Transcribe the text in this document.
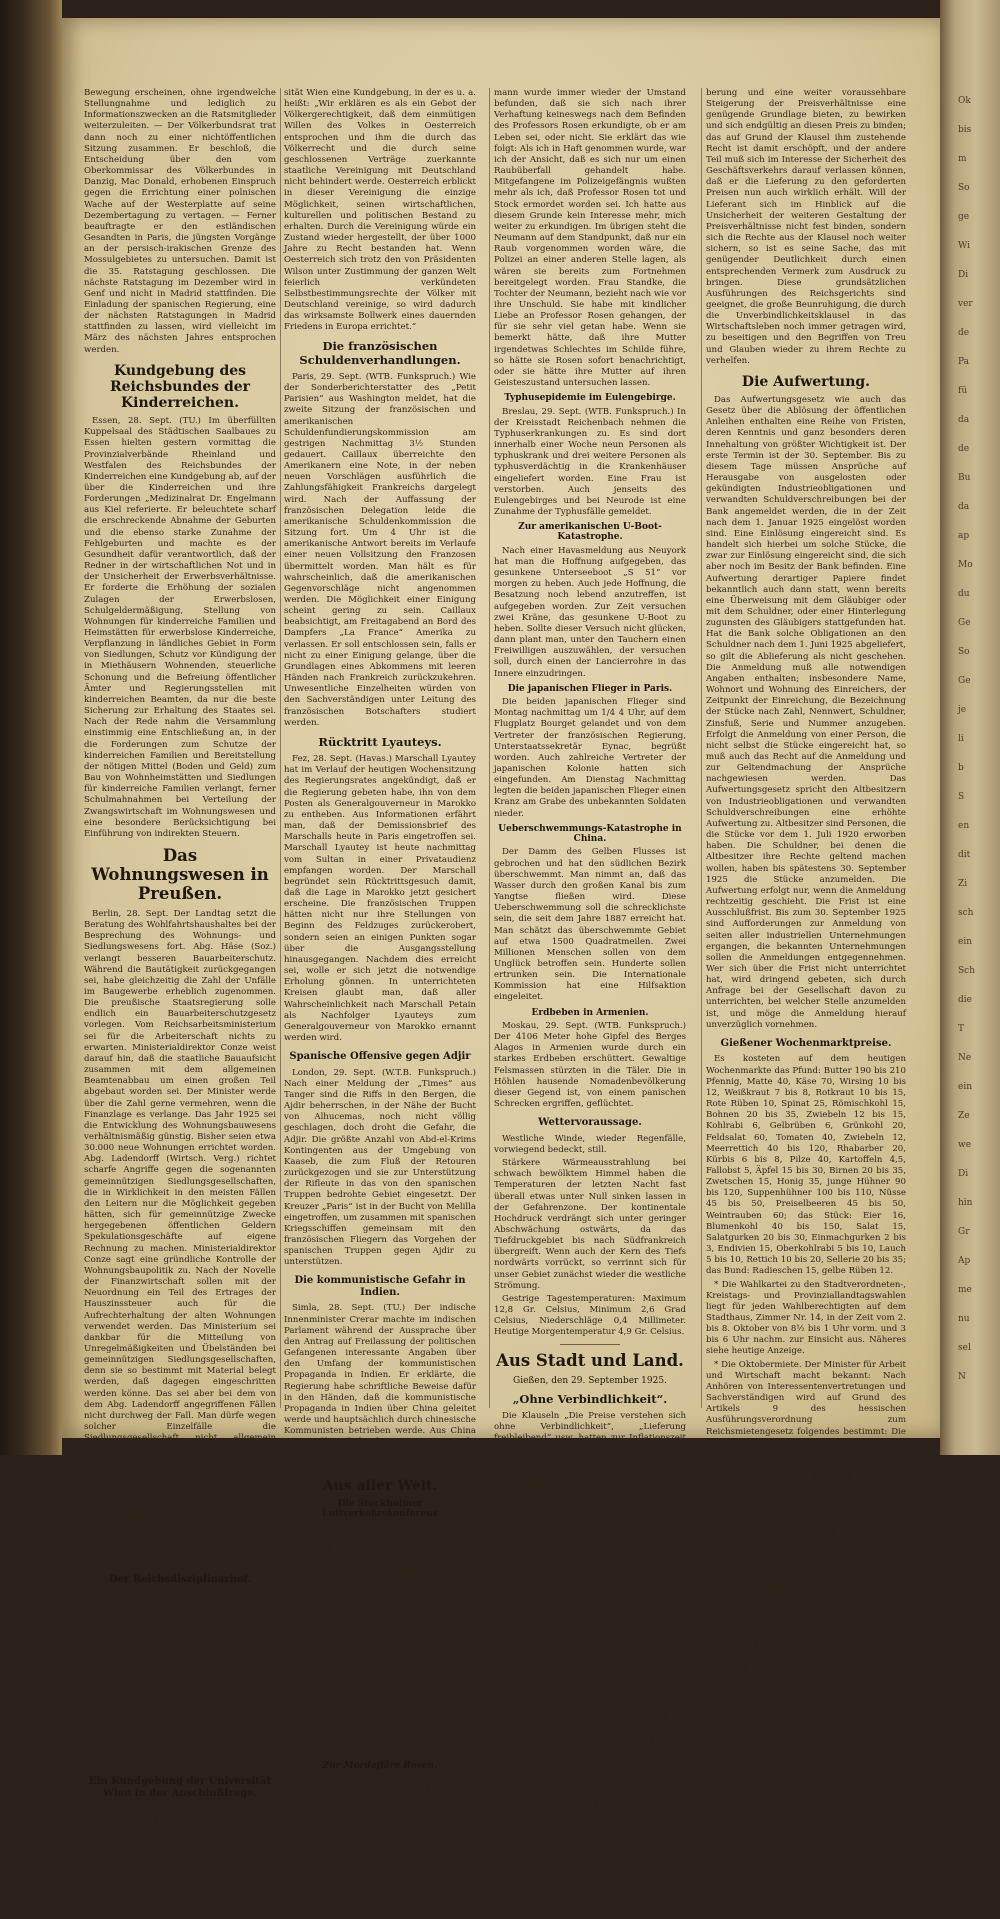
Bewegung erscheinen, ohne irgendwelche Stellungnahme und lediglich zu Informationszwecken an die Ratsmitglieder weiterzuleiten. — Der Völkerbundsrat trat dann noch zu einer nichtöffentlichen Sitzung zusammen. Er beschloß, die Entscheidung über den vom Oberkommissar des Völkerbundes in Danzig, Mac Donald, erhobenen Einspruch gegen die Errichtung einer polnischen Wache auf der Westerplatte auf seine Dezembertagung zu vertagen. — Ferner beauftragte er den estländischen Gesandten in Paris, die jüngsten Vorgänge an der persisch-irakischen Grenze des Mossulgebietes zu untersuchen. Damit ist die 35. Ratstagung geschlossen. Die nächste Ratstagung im Dezember wird in Genf und nicht in Madrid stattfinden. Die Einladung der spanischen Regierung, eine der nächsten Ratstagungen in Madrid stattfinden zu lassen, wird vielleicht im März des nächsten Jahres entsprochen werden.

Kundgebung des Reichsbundes der Kinderreichen.

Essen, 28. Sept. (TU.) Im überfüllten Kuppelsaal des Städtischen Saalbaues zu Essen hielten gestern vormittag die Provinzialverbände Rheinland und Westfalen des Reichsbundes der Kinderreichen eine Kundgebung ab, auf der über die Kinderreichen und ihre Forderungen „Medizinalrat Dr. Engelmann aus Kiel referierte. Er beleuchtete scharf die erschreckende Abnahme der Geburten und die ebenso starke Zunahme der Fehlgeburten und machte es der Gesundheit dafür verantwortlich, daß der Redner in der wirtschaftlichen Not und in der Unsicherheit der Erwerbsverhältnisse. Er forderte die Erhöhung der sozialen Zulagen der Erwerbslosen, Schulgeldermäßigung, Stellung von Wohnungen für kinderreiche Familien und Heimstätten für erwerbslose Kinderreiche, Verpflanzung in ländliches Gebiet in Form von Siedlungen, Schutz vor Kündigung der in Miethäusern Wohnenden, steuerliche Schonung und die Befreiung öffentlicher Ämter und Regierungsstellen mit kinderreichen Beamten, da nur die beste Sicherung zur Erhaltung des Staates sei. Nach der Rede nahm die Versammlung einstimmig eine Entschließung an, in der die Forderungen zum Schutze der kinderreichen Familien und Bereitstellung der nötigen Mittel (Boden und Geld) zum Bau von Wohnheimstätten und Siedlungen für kinderreiche Familien verlangt, ferner Schulmahnahmen bei Verteilung der Zwangswirtschaft im Wohnungswesen und eine besondere Berücksichtigung bei Einführung von indirekten Steuern.

Das Wohnungswesen in Preußen.

Berlin, 28. Sept. Der Landtag setzt die Beratung des Wohlfahrtshaushaltes bei der Besprechung des Wohnungs- und Siedlungswesens fort. Abg. Häse (Soz.) verlangt besseren Bauarbeiterschutz. Während die Bautätigkeit zurückgegangen sei, habe gleichzeitig die Zahl der Unfälle im Baugewerbe erheblich zugenommen. Die preußische Staatsregierung solle endlich ein Bauarbeiterschutzgesetz vorlegen. Vom Reichsarbeitsministerium sei für die Arbeiterschaft nichts zu erwarten. Ministerialdirektor Conze weist darauf hin, daß die staatliche Bauaufsicht zusammen mit dem allgemeinen Beamtenabbau um einen großen Teil abgebaut worden sei. Der Minister werde über die Zahl gerne vermehren, wenn die Finanzlage es verlange. Das Jahr 1925 sei die Entwicklung des Wohnungsbauwesens verhältnismäßig günstig. Bisher seien etwa 30.000 neue Wohnungen errichtet worden. Abg. Ladendorff (Wirtsch. Verg.) richtet scharfe Angriffe gegen die sogenannten gemeinnützigen Siedlungsgesellschaften, die in Wirklichkeit in den meisten Fällen den Leitern nur die Möglichkeit gegeben hätten, sich für gemeinnützige Zwecke hergegebenen öffentlichen Geldern Spekulationsgeschäfte auf eigene Rechnung zu machen. Ministerialdirektor Conze sagt eine gründliche Kontrolle der Wohnungsbaupolitik zu. Nach der Novelle der Finanzwirtschaft sollen mit der Neuordnung ein Teil des Ertrages der Hauszinssteuer auch für die Aufrechterhaltung der alten Wohnungen verwendet werden. Das Ministerium sei dankbar für die Mitteilung von Unregelmäßigkeiten und Übelständen bei gemeinnützigen Siedlungsgesellschaften, denn sie so bestimmt mit Material belegt werden, daß dagegen eingeschritten werden könne. Das sei aber bei dem von dem Abg. Ladendorff angegriffenen Fällen nicht durchweg der Fall. Man dürfe wegen solcher Einzelfälle die Siedlungsgesellschaft nicht allgemein verdammen. Minister Hirtsiefer teilt mit, daß nach den neuesten Feststellungen die Hauszinssteuer im Jahre 1925 210 Millionen für die Kommunen und 150 bis 160 Millionen für den Staat gebracht hat. Daraus müsse natürlich die gemeinnützigen Wohnungen berücksichtigt werden, sofern sie auf sozialer Grundlage stehen. Damit schließt die allgemeine Aussprache über das Wohnungs- und Siedlungswesen.

Der Reichsdisziplinarhof.

Berlin, 28. Sept. (WTB.) Nach dem „Reichsanzeiger“ wurden zu Mitgliedern des Reichsdisziplinarhofes gewählt: Als Präsident des Reichsgerichts Simons, als stellvertretende Präsidenten Klöde und Mansfeld, als Mitglieder die Reichsgerichtsräte Zeiler, Warneyer, Ad. Mueller, Metz, sowie der bayerische Gesandte a. D. Preger, als stellvertretende Mitglieder der sächsische Gesandte Reichsminister a. D. Gradnauer, der hessische Gesandte Frhr. v. Biegeleben, der Hamburger Bürgermeister Petersen, der mecklenburg-schwerinsche Gesandte Tischbein und der braunschweigische Gesandte Boden.

Ein Kundgebung der Universität Wien in der Anschlußfrage.

Wien, 29. Sept. (WTB. Funkspruch.) In Ausführung des Beschlusses des im Juni in Wien abgehaltenen Hochschultages hielt die Univer-

sität Wien eine Kundgebung, in der es u. a. heißt: „Wir erklären es als ein Gebot der Völkergerechtigkeit, daß dem einmütigen Willen des Volkes in Oesterreich entsprochen und ihm die durch das Völkerrecht und die durch seine geschlossenen Verträge zuerkannte staatliche Vereinigung mit Deutschland nicht behindert werde. Oesterreich erblickt in dieser Vereinigung die einzige Möglichkeit, seinen wirtschaftlichen, kulturellen und politischen Bestand zu erhalten. Durch die Vereinigung würde ein Zustand wieder hergestellt, der über 1000 Jahre zu Recht bestanden hat. Wenn Oesterreich sich trotz den von Präsidenten Wilson unter Zustimmung der ganzen Welt feierlich verkündeten Selbstbestimmungsrechte der Völker mit Deutschland vereinige, so wird dadurch das wirksamste Bollwerk eines dauernden Friedens in Europa errichtet.“

Die französischen Schuldenverhandlungen.

Paris, 29. Sept. (WTB. Funkspruch.) Wie der Sonderberichterstatter des „Petit Parisien“ aus Washington meldet, hat die zweite Sitzung der französischen und amerikanischen Schuldenfundierungskommission am gestrigen Nachmittag 3½ Stunden gedauert. Caillaux überreichte den Amerikanern eine Note, in der neben neuen Vorschlägen ausführlich die Zahlungsfähigkeit Frankreichs dargelegt wird. Nach der Auffassung der französischen Delegation leide die amerikanische Schuldenkommission die Sitzung fort. Um 4 Uhr ist die amerikanische Antwort bereits im Verlaufe einer neuen Vollsitzung den Franzosen übermittelt worden. Man hält es für wahrscheinlich, daß die amerikanischen Gegenvorschläge nicht angenommen werden. Die Möglichkeit einer Einigung scheint gering zu sein. Caillaux beabsichtigt, am Freitagabend an Bord des Dampfers „La France“ Amerika zu verlassen. Er soll entschlossen sein, falls er nicht zu einer Einigung gelange, über die Grundlagen eines Abkommens mit leeren Händen nach Frankreich zurückzukehren. Unwesentliche Einzelheiten würden von den Sachverständigen unter Leitung des französischen Botschafters studiert werden.

Rücktritt Lyauteys.

Fez, 28. Sept. (Havas.) Marschall Lyautey hat im Verlauf der heutigen Wochensitzung des Regierungsrates angekündigt, daß er die Regierung gebeten habe, ihn von dem Posten als Generalgouverneur in Marokko zu entheben. Aus Informationen erfährt man, daß der Demissionsbrief des Marschalls heute in Paris eingetroffen sei. Marschall Lyautey ist heute nachmittag vom Sultan in einer Privataudienz empfangen worden. Der Marschall begründet sein Rücktrittsgesuch damit, daß die Lage in Marokko jetzt gesichert erscheine. Die französischen Truppen hätten nicht nur ihre Stellungen von Beginn des Feldzuges zurückerobert, sondern seien an einigen Punkten sogar über die Ausgangsstellung hinausgegangen. Nachdem dies erreicht sei, wolle er sich jetzt die notwendige Erholung gönnen. In unterrichteten Kreisen glaubt man, daß aller Wahrscheinlichkeit nach Marschall Petain als Nachfolger Lyauteys zum Generalgouverneur von Marokko ernannt werden wird.

Spanische Offensive gegen Adjir

London, 29. Sept. (W.T.B. Funkspruch.) Nach einer Meldung der „Times“ aus Tanger sind die Riffs in den Bergen, die Ajdir beherrschen, in der Nähe der Bucht von Alhucemas, noch nicht völlig geschlagen, doch droht die Gefahr, die Adjir. Die größte Anzahl von Abd-el-Krims Kontingenten aus der Umgebung von Kaaseb, die zum Fluß der Retouren zurückgezogen und sie zur Unterstützung der Rifleute in das von den spanischen Truppen bedrohte Gebiet eingesetzt. Der Kreuzer „Paris“ ist in der Bucht von Melilla eingetroffen, um zusammen mit spanischen Kriegsschiffen gemeinsam mit den französischen Fliegern das Vorgehen der spanischen Truppen gegen Ajdir zu unterstützen.

Die kommunistische Gefahr in Indien.

Simla, 28. Sept. (TU.) Der indische Innenminister Crerar machte im indischen Parlament während der Aussprache über den Antrag auf Freilassung der politischen Gefangenen interessante Angaben über den Umfang der kommunistischen Propaganda in Indien. Er erklärte, die Regierung habe schriftliche Beweise dafür in den Händen, daß die kommunistische Propaganda in Indien über China geleitet werde und hauptsächlich durch chinesische Kommunisten betrieben werde. Aus China seien während der letzten Monate große Mengen von Flugschriften und Waffen eingeführt worden.

Aus aller Welt.
Die Stockholmer Luftverkehrskonferenz

Die Internationale Luftverkehrskonferenz wurde heute im schwedischen Reichstag eröffnet. 14 Länder haben Vertreter entsandt. Unter den Anwesenden wurde auch der Generalsekretär der internationalen Luftschiffahrtskommission, M. Roper, bemerkt. Außenminister Unden betonte die Notwendigkeit einer Zusammenarbeit der Nationen auf dem Gebiete des Luftverkehrs. Zum Vorsitzenden der Konferenz wurde Generaldirektor Juhlin gewählt. Alsdann begannen die tatsächlichen Arbeiten mit einer Erörterung der Frage: Luftverkehr bei Nacht, bei Nebel und im Winter. Das zweite Diskussionsthema war die Frage der Maßnahmen zur Hebung der Regelmäßigkeit im Luftverkehr und der Sicherheit der Reisenden. Regierungsrat Fitch erörterte das Thema insbesondere vom meteorologischen Gesichtspunkte aus.

Zur Mordaffäre Rosen.

Breslau, 28. Sept. (TU.) Allgemeines Interesse dürfte die Aussage der Hausdame Neumann und ihrer Tochter, der Frau Standke, in der neuesten Ermittelungen in der Mordaffäre Rosen hervorrufen. Als Frau Neumann noch bei dem Kriminalkommissar Jerusalem von der Beschuldigung des Arbeiters Paaschuk Kenntnis erhielt, blieb sie vollständig ruhig und äußerte, sie wisse, daß man ihr durch solche Aussagen, und wenn sie es sich zum Nutzen fügen. Als ein besonders Moment für die Neu-

mann wurde immer wieder der Umstand befunden, daß sie sich nach ihrer Verhaftung keineswegs nach dem Befinden des Professors Rosen erkundigte, ob er am Leben sei, oder nicht. Sie erklärt das wie folgt: Als ich in Haft genommen wurde, war ich der Ansicht, daß es sich nur um einen Raubüberfall gehandelt habe. Mitgefangene im Polizeigefängnis wußten mehr als ich, daß Professor Rosen tot und Stock ermordet worden sei. Ich hatte aus diesem Grunde kein Interesse mehr, mich weiter zu erkundigen. Im übrigen steht die Neumann auf dem Standpunkt, daß nur ein Raub vorgenommen worden wäre, die Polizei an einer anderen Stelle lagen, als wären sie bereits zum Fortnehmen bereitgelegt worden. Frau Standke, die Tochter der Neumann, bezieht nach wie vor ihre Unschuld. Sie habe mit kindlicher Liebe an Professor Rosen gehangen, der für sie sehr viel getan habe. Wenn sie bemerkt hätte, daß ihre Mutter irgendetwas Schlechtes im Schilde führe, so hätte sie Rosen sofort benachrichtigt, oder sie hätte ihre Mutter auf ihren Geisteszustand untersuchen lassen.

Typhusepidemie im Eulengebirge.

Breslau, 29. Sept. (WTB. Funkspruch.) In der Kreisstadt Reichenbach nehmen die Typhuserkrankungen zu. Es sind dort innerhalb einer Woche neun Personen als typhuskrank und drei weitere Personen als typhusverdächtig in die Krankenhäuser eingeliefert worden. Eine Frau ist verstorben. Auch jenseits des Eulengebirges und bei Neurode ist eine Zunahme der Typhusfälle gemeldet.

Zur amerikanischen U-Boot-Katastrophe.

Nach einer Havasmeldung aus Neuyork hat man die Hoffnung aufgegeben, das gesunkene Unterseeboot „S 51“ vor morgen zu heben. Auch jede Hoffnung, die Besatzung noch lebend anzutreffen, ist aufgegeben worden. Zur Zeit versuchen zwei Kräne, das gesunkene U-Boot zu heben. Sollte dieser Versuch nicht glücken, dann plant man, unter den Tauchern einen Freiwilligen auszuwählen, der versuchen soll, durch einen der Lancierrohre in das Innere einzudringen.

Die japanischen Flieger in Paris.

Die beiden japanischen Flieger sind Montag nachmittag um 1/4 4 Uhr, auf dem Flugplatz Bourget gelandet und von dem Vertreter der französischen Regierung, Unterstaatssekretär Eynac, begrüßt worden. Auch zahlreiche Vertreter der japanischen Kolonie hatten sich eingefunden. Am Dienstag Nachmittag legten die beiden japanischen Flieger einen Kranz am Grabe des unbekannten Soldaten nieder.

Ueberschwemmungs-Katastrophe in China.

Der Damm des Gelben Flusses ist gebrochen und hat den südlichen Bezirk überschwemmt. Man nimmt an, daß das Wasser durch den großen Kanal bis zum Yangtse fließen wird. Diese Ueberschwemmung soll die schrecklichste sein, die seit dem Jahre 1887 erreicht hat. Man schätzt das überschwemmte Gebiet auf etwa 1500 Quadratmeilen. Zwei Millionen Menschen sollen von dem Unglück betroffen sein. Hunderte sollen ertrunken sein. Die Internationale Kommission hat eine Hilfsaktion eingeleitet.

Erdbeben in Armenien.

Moskau, 29. Sept. (WTB. Funkspruch.) Der 4106 Meter hohe Gipfel des Berges Alagos in Armenien wurde durch ein starkes Erdbeben erschüttert. Gewaltige Felsmassen stürzten in die Täler. Die in Höhlen hausende Nomadenbevölkerung dieser Gegend ist, von einem panischen Schrecken ergriffen, geflüchtet.

Wettervoraussage.

Westliche Winde, wieder Regenfälle, vorwiegend bedeckt, still.

Stärkere Wärmeausstrahlung bei schwach bewölktem Himmel haben die Temperaturen der letzten Nacht fast überall etwas unter Null sinken lassen in der Gefahrenzone. Der kontinentale Hochdruck verdrängt sich unter geringer Abschwächung ostwärts, da das Tiefdruckgebiet bis nach Südfrankreich übergreift. Wenn auch der Kern des Tiefs nordwärts vorrückt, so verrinnt sich für unser Gebiet zunächst wieder die westliche Strömung.

Gestrige Tagestemperaturen: Maximum 12,8 Gr. Celsius, Minimum 2,6 Grad Celsius, Niederschläge 0,4 Millimeter. Heutige Morgentemperatur 4,9 Gr. Celsius.

Aus Stadt und Land.
Gießen, den 29. September 1925.
„Ohne Verbindlichkeit“.

Die Klauseln „Die Preise verstehen sich ohne Verbindlichkeit“, „Lieferung freibleibend“ usw. hatten zur Inflationszeit große Verbreitung, und das vom Reichsgericht selbst da anerkannt wurde, wo der Wortlaut der Geschäftsparagraphen sehr ungenau war, hatten bei den gewaltigen Preisschwankungen jener Zeit ihre Berechtigung. Es hat deshalb auch lange gedauert, bis in den Köpfen zahlreicher Geschäftsleute die Auffassung, daß ein Beharren beim Vorliegen der Wirtschaft gerechtfertigt sei, verschwunden war. Nun aber wird wieder einmal versucht, die Preise durch solche Klauseln verbindlich zu machen, und es ist ohne weiteres einleuchtend, daß bei diesen Klauseln dem Käufer ein Vorteil nicht erwächst. Mit diesem Standpunkt nimmt nun das Reichsgericht grundsätzlich auf. Die Klausel „Die Preise verstehen sich ohne Verbindlichkeit“ kann nicht dahin ausgelegt werden, daß sich der Lieferanten nicht das Recht gibt, zum Zeitpunkt der tatsächlichen Lieferung, so nach dem zurückgetretenen Steigen der Preise einschließlich erheben, sofern das unter dem Vereinbarten Preis liegt. Der Standpunkt nimmt nun das Reichsgericht grundsätzlich und deutlich ein. Die Klausel „Die Preise verstehen sich ohne Verbindlichkeit“ kann nicht dahin ausgelegt werden, daß sich der Lieferanten das Recht gibt, die Preise nachträglich zum Nachteil des Käufers zu erhöhen. Bei jeder Preiserhöhung ist dem Käufer vielmehr die Möglichkeit gegeben, vom Vertrag zurückzutreten.

berung und eine weiter voraussehbare Steigerung der Preisverhältnisse eine genügende Grundlage bieten, zu bewirken und sich endgültig an diesen Preis zu binden; das auf Grund der Klausel ihm zustehende Recht ist damit erschöpft, und der andere Teil muß sich im Interesse der Sicherheit des Geschäftsverkehrs darauf verlassen können, daß er die Lieferung zu den geforderten Preisen nun auch wirklich erhält. Will der Lieferant sich im Hinblick auf die Unsicherheit der weiteren Gestaltung der Preisverhältnisse nicht fest binden, sondern sich die Rechte aus der Klausel noch weiter sichern, so ist es seine Sache, das mit genügender Deutlichkeit durch einen entsprechenden Vermerk zum Ausdruck zu bringen. Diese grundsätzlichen Ausführungen des Reichsgerichts sind geeignet, die große Beunruhigung, die durch die Unverbindlichkeitsklausel in das Wirtschaftsleben noch immer getragen wird, zu beseitigen und den Begriffen von Treu und Glauben wieder zu ihrem Rechte zu verhelfen.

Die Aufwertung.

Das Aufwertungsgesetz wie auch das Gesetz über die Ablösung der öffentlichen Anleihen enthalten eine Reihe von Fristen, deren Kenntnis und ganz besonders deren Innehaltung von größter Wichtigkeit ist. Der erste Termin ist der 30. September. Bis zu diesem Tage müssen Ansprüche auf Herausgabe von ausgelosten oder gekündigten Industrieobligationen und verwandten Schuldverschreibungen bei der Bank angemeldet werden, die in der Zeit nach dem 1. Januar 1925 eingelöst worden sind. Eine Einlösung eingereicht sind. Es handelt sich hierbei um solche Stücke, die zwar zur Einlösung eingereicht sind, die sich aber noch im Besitz der Bank befinden. Eine Aufwertung derartiger Papiere findet bekanntlich auch dann statt, wenn bereits eine Überweisung mit dem Gläubiger oder mit dem Schuldner, oder einer Hinterlegung zugunsten des Gläubigers stattgefunden hat. Hat die Bank solche Obligationen an den Schuldner nach dem 1. Juni 1925 abgeliefert, so gilt die Ablieferung als nicht geschehen. Die Anmeldung muß alle notwendigen Angaben enthalten; insbesondere Name, Wohnort und Wohnung des Einreichers, der Zeitpunkt der Einreichung, die Bezeichnung der Stücke nach Zahl, Nennwert, Schuldner, Zinsfuß, Serie und Nummer anzugeben. Erfolgt die Anmeldung von einer Person, die nicht selbst die Stücke eingereicht hat, so muß auch das Recht auf die Anmeldung und zur Geltendmachung der Ansprüche nachgewiesen werden. Das Aufwertungsgesetz spricht den Altbesitzern von Industrieobligationen und verwandten Schuldverschreibungen eine erhöhte Aufwertung zu. Altbesitzer sind Personen, die die Stücke vor dem 1. Juli 1920 erworben haben. Die Schuldner, bei denen die Altbesitzer ihre Rechte geltend machen wollen, haben bis spätestens 30. September 1925 die Stücke anzumelden. Die Aufwertung erfolgt nur, wenn die Anmeldung rechtzeitig geschieht. Die Frist ist eine Ausschlußfrist. Bis zum 30. September 1925 sind Aufforderungen zur Anmeldung von seiten aller industriellen Unternehmungen ergangen, die bekannten Unternehmungen sollen die Anmeldungen entgegennehmen. Wer sich über die Frist nicht unterrichtet hat, wird dringend gebeten, sich durch Anfrage bei der Gesellschaft davon zu unterrichten, bei welcher Stelle anzumelden ist, und möge die Anmeldung hierauf unverzüglich vornehmen.

Gießener Wochenmarktpreise.

Es kosteten auf dem heutigen Wochenmarkte das Pfund: Butter 190 bis 210 Pfennig, Matte 40, Käse 70, Wirsing 10 bis 12, Weißkraut 7 bis 8, Rotkraut 10 bis 15, Rote Rüben 10, Spinat 25, Römischkohl 15, Bohnen 20 bis 35, Zwiebeln 12 bis 15, Kohlrabi 6, Gelbrüben 6, Grünkohl 20, Feldsalat 60, Tomaten 40, Zwiebeln 12, Meerrettich 40 bis 120, Rhabarber 20, Kürbis 6 bis 8, Pilze 40, Kartoffeln 4,5, Fallobst 5, Äpfel 15 bis 30, Birnen 20 bis 35, Zwetschen 15, Honig 35, junge Hühner 90 bis 120, Suppenhühner 100 bis 110, Nüsse 45 bis 50, Preiselbeeren 45 bis 50, Weintrauben 60; das Stück: Eier 16, Blumenkohl 40 bis 150, Salat 15, Salatgurken 20 bis 30, Einmachgurken 2 bis 3, Endivien 15, Oberkohlrabi 5 bis 10, Lauch 5 bis 10, Rettich 10 bis 20, Sellerie 20 bis 35; das Bund: Radieschen 15, gelbe Rüben 12.

* Die Wahlkartei zu den Stadtverordneten-, Kreistags- und Provinziallandtagswahlen liegt für jeden Wahlberechtigten auf dem Stadthaus, Zimmer Nr. 14, in der Zeit vom 2. bis 8. Oktober von 8½ bis 1 Uhr vorm. und 3 bis 6 Uhr nachm. zur Einsicht aus. Näheres siehe heutige Anzeige.

* Die Oktobermiete. Der Minister für Arbeit und Wirtschaft macht bekannt: Nach Anhören von Interessentenvertretungen und Sachverständigen wird auf Grund des Artikels 9 des hessischen Ausführungsverordnung zum Reichsmietengesetz folgendes bestimmt: Die gesetzliche Miete beträgt in Fassung der Verordnung vom 20. August 1925 und 25. Juni 1925 zu diesem Umwertungssatzungen vom 24. Februar 1924 für die Berechnung der Miete für den Monat Oktober folgendes bestimmt: Die Miete für Oktober 1925 wird in gleicher Höhe wie für den Monat September festgesetzt. Auch an den übrigen bisher geltenden Bestimmungen, insbesondere über die gewerblichen Zuschläge usw., wird nichts geändert.

* Personalien. Die in Nr. 222 des „Gieß. Anz.“ vom 22. September wiedergegebene Notiz des Wolffbureaus über die Berufung Prof. Dr. Kadens in das Auswärtige Amt bedarf insofern einer Richtigstellung, als Dr. Kaden bisher nicht Privatdozent an der Universität Gießen, sondern an der Universität Heidelberg war.

* Damenverein Gabelsberger Gießen. In unserem Bericht vom 26. d. Mts. über den Gabelsberger Stenographentag in Bad-Nauheim muß es heißen: In der Abteilung 200 Silben erhielt einen ersten und Ehrenpreis Fräulein Therese Schmall vom Damenverein Gießen.

* Auftrieb auf dem heutigen Frankfurter Schlachtviehmarkt: 296

Ok
bis
m
So
ge
Wi
Di
ver
de
Pa
fü
da
de
Bu
da
ap
Mo
du
Ge
So
Ge
je
li
b
S
en
dit
Zi
sch
ein
Sch
die
T
Ne
ein
Ze
we
Di
hin
Gr
Ap
me
nu
sel
N
